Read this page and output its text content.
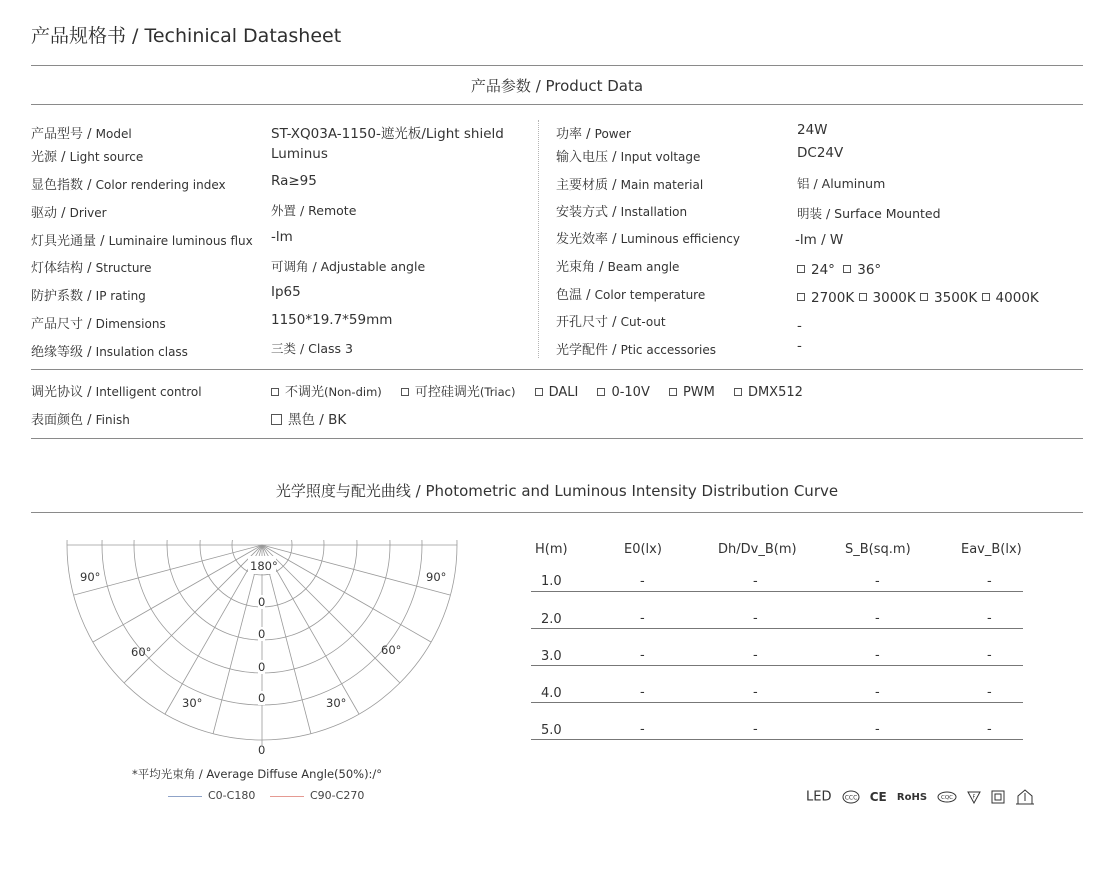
产品规格书 / Techinical Datasheet
产品参数 / Product Data
产品型号 / Model	ST-XQ03A-1150-遮光板/Light shield
光源 / Light source	Luminus
显色指数 / Color rendering index	Ra≥95
驱动 / Driver	外置 / Remote
灯具光通量 / Luminaire luminous flux -lm
灯体结构 / Structure	可调角 / Adjustable angle
防护系数 / IP rating	Ip65
产品尺寸 / Dimensions	1150*19.7*59mm
绝缘等级 / Insulation class	三类 / Class 3
功率 / Power	24W
输入电压 / Input voltage	DC24V
主要材质 / Main material	铝 / Aluminum
安装方式 / Installation	明装 / Surface Mounted
发光效率 / Luminous efficiency	-lm / W
光束角 / Beam angle	24° 36°
色温 / Color temperature	2700K 3000K 3500K 4000K
开孔尺寸 / Cut-out	-
光学配件 / Ptic accessories	-
调光协议 / Intelligent control	不调光(Non-dim)	可控硅调光(Triac)	DALI	0-10V	PWM	DMX512
表面颜色 / Finish	黑色 / BK
光学照度与配光曲线 / Photometric and Luminous Intensity Distribution Curve
180°
90°	90°
60°	60°
30°	30°
0
0
0
0
0
*平均光束角 / Average Diffuse Angle(50%):/°
C0-C180	C90-C270
H(m)	E0(lx)	Dh/Dv_B(m)	S_B(sq.m)	Eav_B(lx)
1.0	-	-	-	-
2.0	-	-	-	-
3.0	-	-	-	-
4.0	-	-	-	-
5.0	-	-	-	-
LED CCC CE RoHS	CQC
	F
